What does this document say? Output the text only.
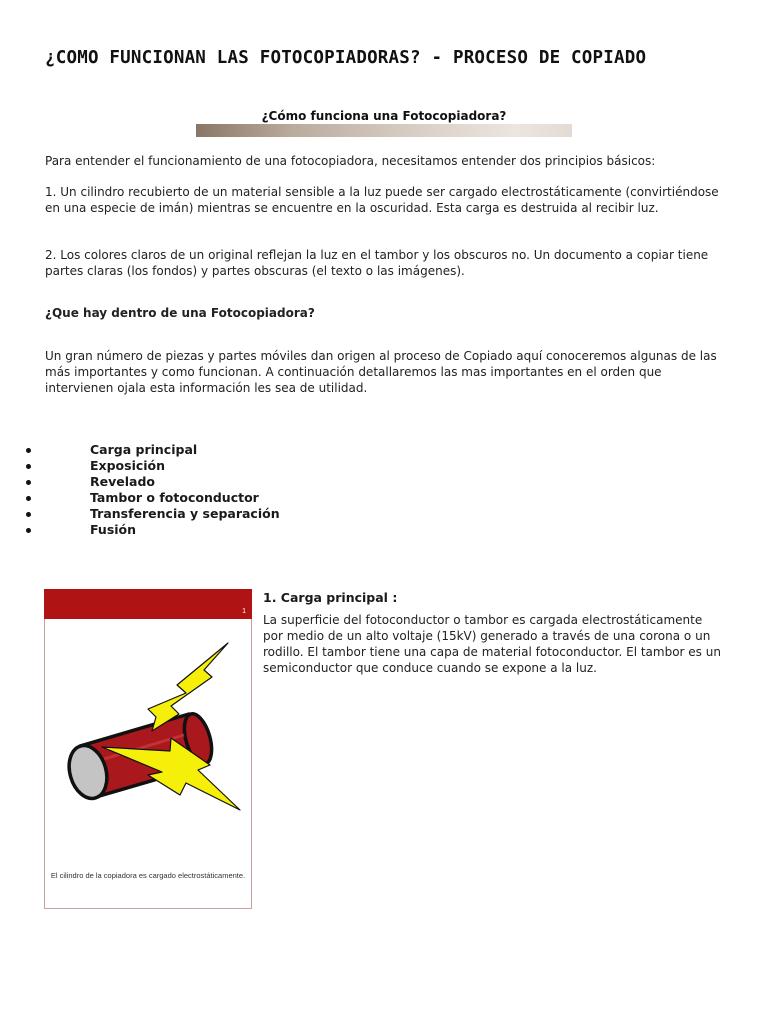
¿COMO FUNCIONAN LAS FOTOCOPIADORAS? - PROCESO DE COPIADO
¿Cómo funciona una Fotocopiadora?
Para entender el funcionamiento de una fotocopiadora, necesitamos entender dos principios básicos:
1. Un cilindro recubierto de un material sensible a la luz puede ser cargado electrostáticamente (convirtiéndose en una especie de imán) mientras se encuentre en la oscuridad. Esta carga es destruida al recibir luz.
2. Los colores claros de un original reflejan la luz en el tambor y los obscuros no. Un documento a copiar tiene partes claras (los fondos) y partes obscuras (el texto o las imágenes).
¿Que hay dentro de una Fotocopiadora?
Un gran número de piezas y partes móviles dan origen al proceso de Copiado aquí conoceremos algunas de las más importantes y como funcionan. A continuación detallaremos las mas importantes en el orden que intervienen ojala esta información les sea de utilidad.
Carga principal
Exposición
Revelado
Tambor o fotoconductor
Transferencia y separación
Fusión
1
El cilindro de la copiadora es cargado electrostáticamente.
1. Carga principal :
La superficie del fotoconductor o tambor es cargada electrostáticamente por medio de un alto voltaje (15kV) generado a través de una corona o un rodillo. El tambor tiene una capa de material fotoconductor. El tambor es un semiconductor que conduce cuando se expone a la luz.
